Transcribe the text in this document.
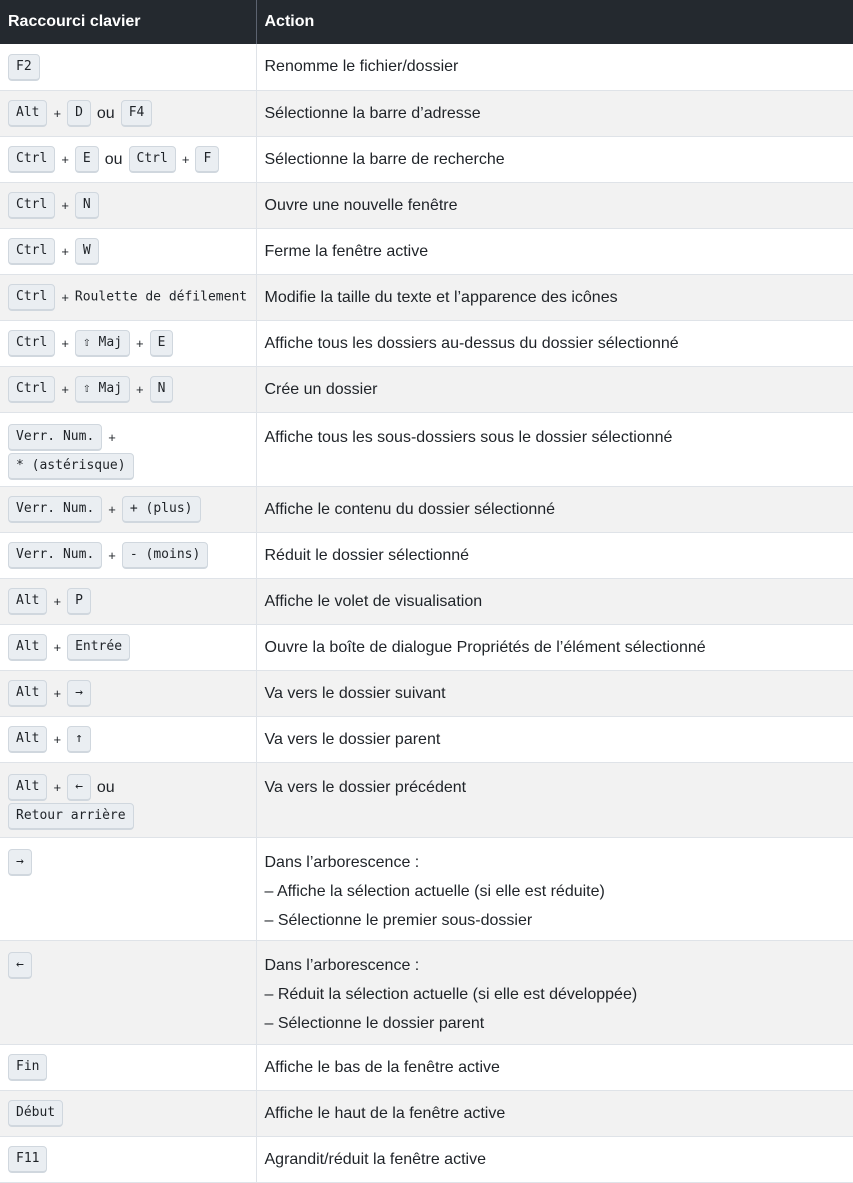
Raccourci clavier	Action

F2	Renomme le fichier/dossier

Alt + D ou F4	Sélectionne la barre d’adresse

Ctrl + E ou Ctrl + F	Sélectionne la barre de recherche

Ctrl + N	Ouvre une nouvelle fenêtre

Ctrl + W	Ferme la fenêtre active

Ctrl + Roulette de défilement	Modifie la taille du texte et l’apparence des icônes

Ctrl + ⇧ Maj + E	Affiche tous les dossiers au-dessus du dossier sélectionné

Ctrl + ⇧ Maj + N	Crée un dossier

Verr. Num. +
* (astérisque)	Affiche tous les sous-dossiers sous le dossier sélectionné

Verr. Num. + + (plus)	Affiche le contenu du dossier sélectionné

Verr. Num. + - (moins)	Réduit le dossier sélectionné

Alt + P	Affiche le volet de visualisation

Alt + Entrée	Ouvre la boîte de dialogue Propriétés de l’élément sélectionné

Alt + →	Va vers le dossier suivant

Alt + ↑	Va vers le dossier parent

Alt + ← ou
Retour arrière	Va vers le dossier précédent

→	Dans l’arborescence :
– Affiche la sélection actuelle (si elle est réduite)
– Sélectionne le premier sous-dossier

←	Dans l’arborescence :
– Réduit la sélection actuelle (si elle est développée)
– Sélectionne le dossier parent

Fin	Affiche le bas de la fenêtre active

Début	Affiche le haut de la fenêtre active

F11	Agrandit/réduit la fenêtre active
